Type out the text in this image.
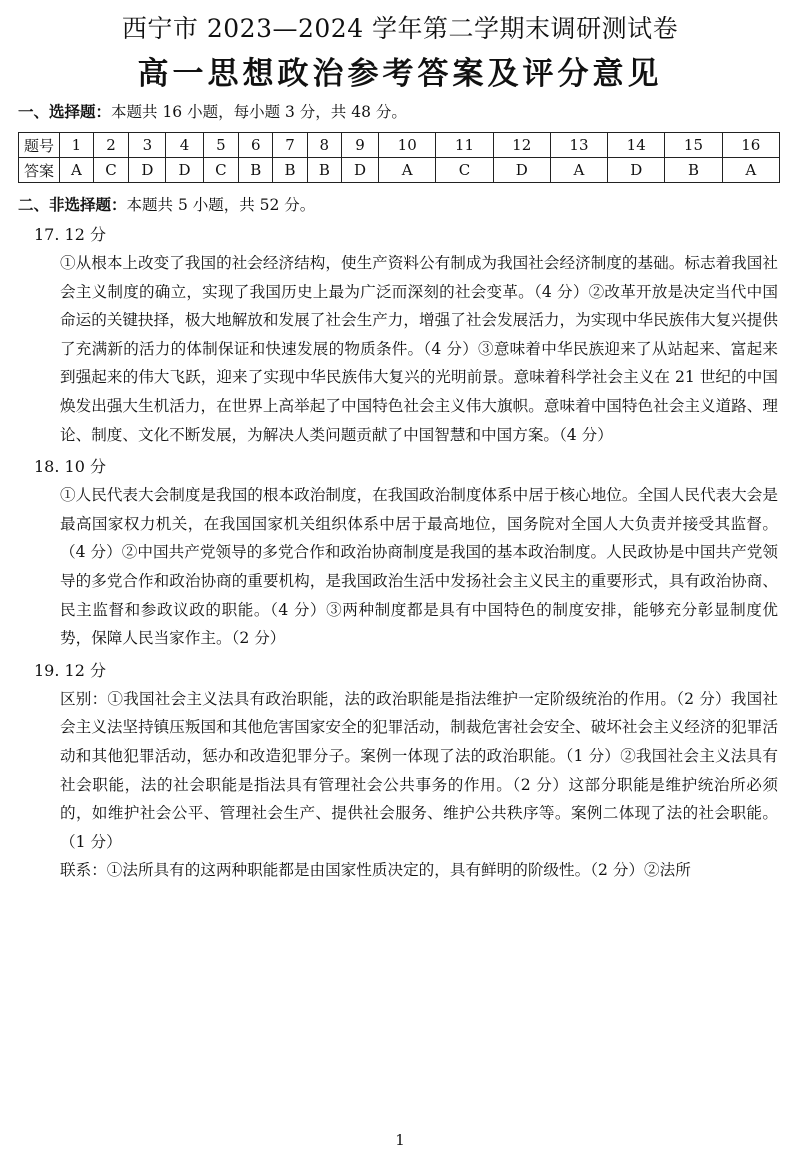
西宁市 2023—2024 学年第二学期末调研测试卷
高一思想政治参考答案及评分意见
一、选择题：本题共 16 小题，每小题 3 分，共 48 分。
题号	1	2	3	4	5	6	7	8	9	10	11	12	13	14	15	16
答案	A	C	D	D	C	B	B	B	D	A	C	D	A	D	B	A
二、非选择题：本题共 5 小题，共 52 分。
17. 12 分

①从根本上改变了我国的社会经济结构，使生产资料公有制成为我国社会经济制度的基础。标志着我国社会主义制度的确立，实现了我国历史上最为广泛而深刻的社会变革。（4 分）②改革开放是决定当代中国命运的关键抉择，极大地解放和发展了社会生产力，增强了社会发展活力，为实现中华民族伟大复兴提供了充满新的活力的体制保证和快速发展的物质条件。（4 分）③意味着中华民族迎来了从站起来、富起来到强起来的伟大飞跃，迎来了实现中华民族伟大复兴的光明前景。意味着科学社会主义在 21 世纪的中国焕发出强大生机活力，在世界上高举起了中国特色社会主义伟大旗帜。意味着中国特色社会主义道路、理论、制度、文化不断发展，为解决人类问题贡献了中国智慧和中国方案。（4 分）

18. 10 分

①人民代表大会制度是我国的根本政治制度，在我国政治制度体系中居于核心地位。全国人民代表大会是最高国家权力机关，在我国国家机关组织体系中居于最高地位，国务院对全国人大负责并接受其监督。（4 分）②中国共产党领导的多党合作和政治协商制度是我国的基本政治制度。人民政协是中国共产党领导的多党合作和政治协商的重要机构，是我国政治生活中发扬社会主义民主的重要形式，具有政治协商、民主监督和参政议政的职能。（4 分）③两种制度都是具有中国特色的制度安排，能够充分彰显制度优势，保障人民当家作主。（2 分）

19. 12 分

区别：①我国社会主义法具有政治职能，法的政治职能是指法维护一定阶级统治的作用。（2 分）我国社会主义法坚持镇压叛国和其他危害国家安全的犯罪活动，制裁危害社会安全、破坏社会主义经济的犯罪活动和其他犯罪活动，惩办和改造犯罪分子。案例一体现了法的政治职能。（1 分）②我国社会主义法具有社会职能，法的社会职能是指法具有管理社会公共事务的作用。（2 分）这部分职能是维护统治所必须的，如维护社会公平、管理社会生产、提供社会服务、维护公共秩序等。案例二体现了法的社会职能。（1 分）

联系：①法所具有的这两种职能都是由国家性质决定的，具有鲜明的阶级性。（2 分）②法所

1
